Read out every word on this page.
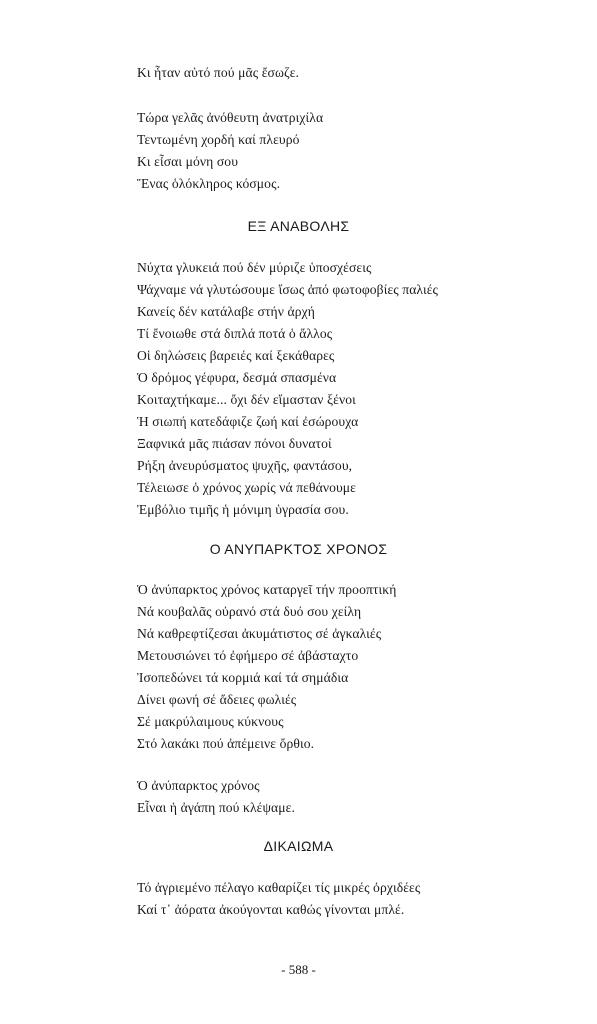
Κι ἦταν αὐτό πού μᾶς ἔσωζε.
Τώρα γελᾶς ἀνόθευτη ἀνατριχίλα
Τεντωμένη χορδή καί πλευρό
Κι εἶσαι μόνη σου
Ἕνας ὁλόκληρος κόσμος.
ΕΞ ΑΝΑΒΟΛΗΣ
Νύχτα γλυκειά πού δέν μύριζε ὑποσχέσεις
Ψάχναμε νά γλυτώσουμε ἴσως ἀπό φωτοφοβίες παλιές
Κανείς δέν κατάλαβε στήν ἀρχή
Τί ἔνοιωθε στά διπλά ποτά ὁ ἄλλος
Οἱ δηλώσεις βαρειές καί ξεκάθαρες
Ὁ δρόμος γέφυρα, δεσμά σπασμένα
Κοιταχτήκαμε... ὄχι δέν εἴμασταν ξένοι
Ἡ σιωπή κατεδάφιζε ζωή καί ἐσώρουχα
Ξαφνικά μᾶς πιάσαν πόνοι δυνατοί
Ρήξη ἀνευρύσματος ψυχῆς, φαντάσου,
Τέλειωσε ὁ χρόνος χωρίς νά πεθάνουμε
Ἐμβόλιο τιμῆς ἡ μόνιμη ὑγρασία σου.
Ο ΑΝΥΠΑΡΚΤΟΣ ΧΡΟΝΟΣ
Ὁ ἀνύπαρκτος χρόνος καταργεῖ τήν προοπτική
Νά κουβαλᾶς οὐρανό στά δυό σου χείλη
Νά καθρεφτίζεσαι ἀκυμάτιστος σέ ἀγκαλιές
Μετουσιώνει τό ἐφήμερο σέ ἀβάσταχτο
Ἰσοπεδώνει τά κορμιά καί τά σημάδια
Δίνει φωνή σέ ἄδειες φωλιές
Σέ μακρύλαιμους κύκνους
Στό λακάκι πού ἀπέμεινε ὄρθιο.
Ὁ ἀνύπαρκτος χρόνος
Εἶναι ἡ ἀγάπη πού κλέψαμε.
ΔΙΚΑΙΩΜΑ
Τό ἀγριεμένο πέλαγο καθαρίζει τίς μικρές ὀρχιδέες
Καί τ᾽ ἀόρατα ἀκούγονται καθώς γίνονται μπλέ.
- 588 -
